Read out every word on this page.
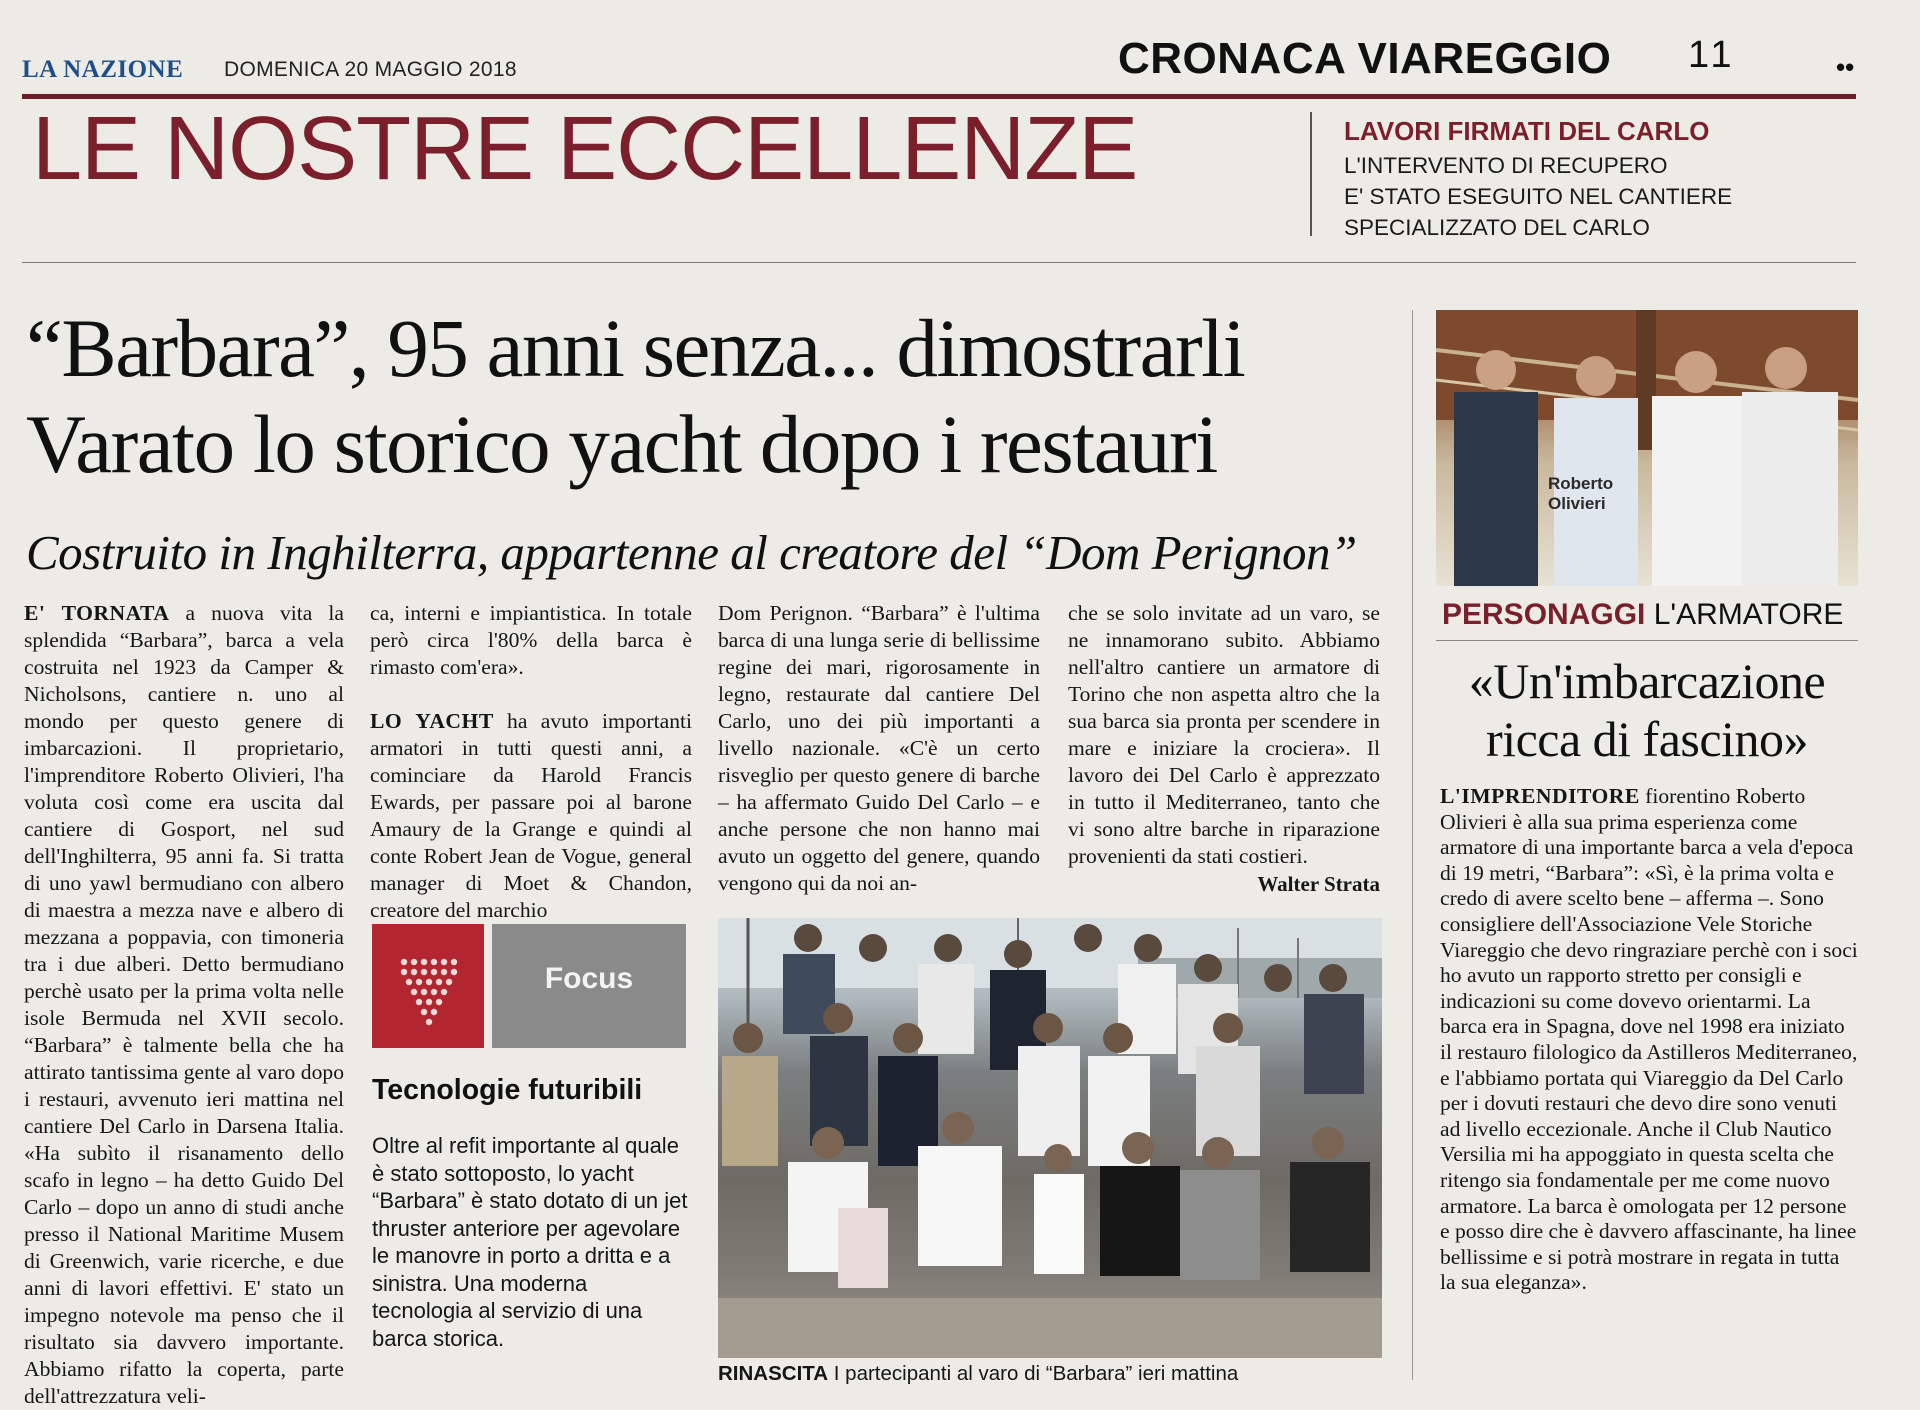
LA NAZIONE DOMENICA 20 MAGGIO 2018	CRONACA VIAREGGIO 11	••
LE NOSTRE ECCELLENZE	LAVORI FIRMATI DEL CARLO
L'INTERVENTO DI RECUPERO
E' STATO ESEGUITO NEL CANTIERE
SPECIALIZZATO DEL CARLO
“Barbara”, 95 anni senza... dimostrarli
Varato lo storico yacht dopo i restauri
Costruito in Inghilterra, appartenne al creatore del “Dom Perignon”

E' TORNATA a nuova vita la splendida “Barbara”, barca a vela costruita nel 1923 da Camper & Nicholsons, cantiere n. uno al mondo per questo genere di imbarcazioni. Il proprietario, l'imprenditore Roberto Olivieri, l'ha voluta così come era uscita dal cantiere di Gosport, nel sud dell'Inghilterra, 95 anni fa. Si tratta di uno yawl bermudiano con albero di maestra a mezza nave e albero di mezzana a poppavia, con timoneria tra i due alberi. Detto bermudiano perchè usato per la prima volta nelle isole Bermuda nel XVII secolo. “Barbara” è talmente bella che ha attirato tantissima gente al varo dopo i restauri, avvenuto ieri mattina nel cantiere Del Carlo in Darsena Italia. «Ha subìto il risanamento dello scafo in legno – ha detto Guido Del Carlo – dopo un anno di studi anche presso il National Maritime Musem di Greenwich, varie ricerche, e due anni di lavori effettivi. E' stato un impegno notevole ma penso che il risultato sia davvero importante. Abbiamo rifatto la coperta, parte dell'attrezzatura veli-

ca, interni e impiantistica. In totale però circa l'80% della barca è rimasto com'era».

LO YACHT ha avuto importanti armatori in tutti questi anni, a cominciare da Harold Francis Ewards, per passare poi al barone Amaury de la Grange e quindi al conte Robert Jean de Vogue, general manager di Moet & Chandon, creatore del marchio

Dom Perignon. “Barbara” è l'ultima barca di una lunga serie di bellissime regine dei mari, rigorosamente in legno, restaurate dal cantiere Del Carlo, uno dei più importanti a livello nazionale. «C'è un certo risveglio per questo genere di barche – ha affermato Guido Del Carlo – e anche persone che non hanno mai avuto un oggetto del genere, quando vengono qui da noi an-

che se solo invitate ad un varo, se ne innamorano subito. Abbiamo nell'altro cantiere un armatore di Torino che non aspetta altro che la sua barca sia pronta per scendere in mare e iniziare la crociera». Il lavoro dei Del Carlo è apprezzato in tutto il Mediterraneo, tanto che vi sono altre barche in riparazione provenienti da stati costieri.

Walter Strata
Focus
Tecnologie futuribili
Oltre al refit importante al quale è stato sottoposto, lo yacht “Barbara” è stato dotato di un jet thruster anteriore per agevolare le manovre in porto a dritta e a sinistra. Una moderna tecnologia al servizio di una barca storica.
RINASCITA I partecipanti al varo di “Barbara” ieri mattina
Roberto
Olivieri
PERSONAGGI L'ARMATORE
«Un'imbarcazione
ricca di fascino»
L'IMPRENDITORE fiorentino Roberto Olivieri è alla sua prima esperienza come armatore di una importante barca a vela d'epoca di 19 metri, “Barbara”: «Sì, è la prima volta e credo di avere scelto bene – afferma –. Sono consigliere dell'Associazione Vele Storiche Viareggio che devo ringraziare perchè con i soci ho avuto un rapporto stretto per consigli e indicazioni su come dovevo orientarmi. La barca era in Spagna, dove nel 1998 era iniziato il restauro filologico da Astilleros Mediterraneo, e l'abbiamo portata qui Viareggio da Del Carlo per i dovuti restauri che devo dire sono venuti ad livello eccezionale. Anche il Club Nautico Versilia mi ha appoggiato in questa scelta che ritengo sia fondamentale per me come nuovo armatore. La barca è omologata per 12 persone e posso dire che è davvero affascinante, ha linee bellissime e si potrà mostrare in regata in tutta la sua eleganza».
